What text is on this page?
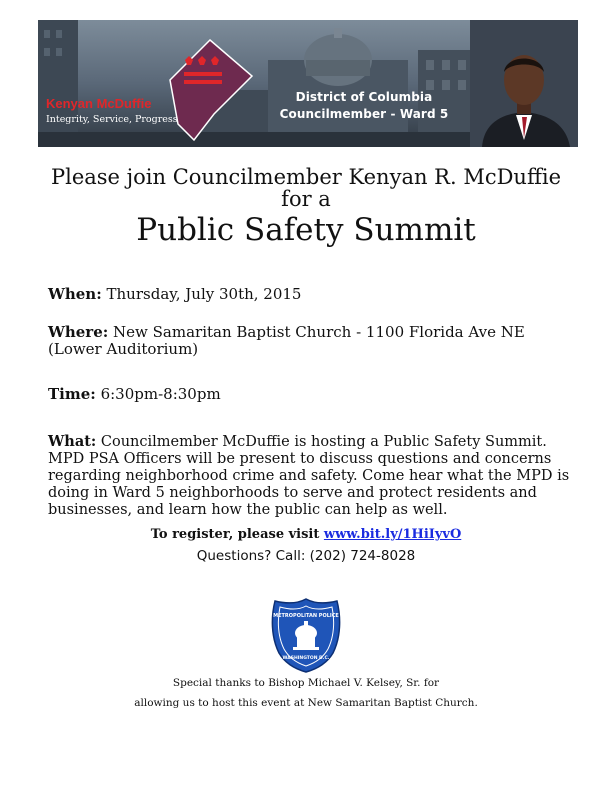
Kenyan McDuffie
Integrity, Service, Progress
District of Columbia
Councilmember - Ward 5
Please join Councilmember Kenyan R. McDuffie
for a
Public Safety Summit
When: Thursday, July 30th, 2015
Where: New Samaritan Baptist Church - 1100 Florida Ave NE (Lower Auditorium)
Time: 6:30pm-8:30pm
What: Councilmember McDuffie is hosting a Public Safety Summit. MPD PSA Officers will be present to discuss questions and concerns regarding neighborhood crime and safety. Come hear what the MPD is doing in Ward 5 neighborhoods to serve and protect residents and businesses, and learn how the public can help as well.
To register, please visit www.bit.ly/1HiIyvO
Questions? Call: (202) 724-8028
METROPOLITAN POLICE
WASHINGTON D.C.
Special thanks to Bishop Michael V. Kelsey, Sr. for
allowing us to host this event at New Samaritan Baptist Church.
